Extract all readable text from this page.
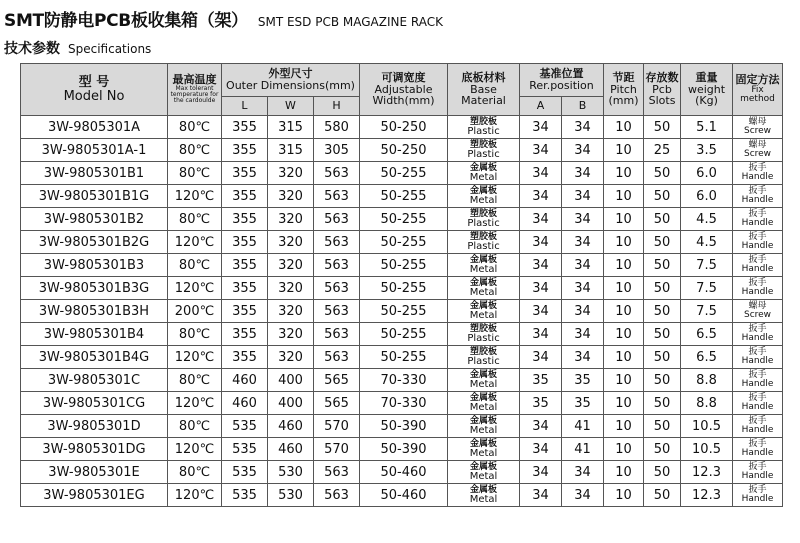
SMT防静电PCB板收集箱（架） SMT ESD PCB MAGAZINE RACK
技术参数 Specifications
型 号
Model No	最高温度
Max tolerant temperature for the cardoulde	外型尺寸
Outer Dimensions(mm)			可调宽度
Adjustable
Width(mm)	底板材料
Base
Material	基准位置
Rer.position		节距
Pitch
(mm)	存放数
Pcb
Slots	重量
weight
(Kg)	固定方法
Fix
method

		L	W	H			A	B				
3W-9805301A	80℃	355	315	580	50-250	塑胶板
Plastic	34	34	10	50	5.1	螺母
Screw

3W-9805301A-1	80℃	355	315	305	50-250	塑胶板
Plastic	34	34	10	25	3.5	螺母
Screw

3W-9805301B1	80℃	355	320	563	50-255	金属板
Metal	34	34	10	50	6.0	扳手
Handle

3W-9805301B1G	120℃	355	320	563	50-255	金属板
Metal	34	34	10	50	6.0	扳手
Handle

3W-9805301B2	80℃	355	320	563	50-255	塑胶板
Plastic	34	34	10	50	4.5	扳手
Handle

3W-9805301B2G	120℃	355	320	563	50-255	塑胶板
Plastic	34	34	10	50	4.5	扳手
Handle

3W-9805301B3	80℃	355	320	563	50-255	金属板
Metal	34	34	10	50	7.5	扳手
Handle

3W-9805301B3G	120℃	355	320	563	50-255	金属板
Metal	34	34	10	50	7.5	扳手
Handle

3W-9805301B3H	200℃	355	320	563	50-255	金属板
Metal	34	34	10	50	7.5	螺母
Screw

3W-9805301B4	80℃	355	320	563	50-255	塑胶板
Plastic	34	34	10	50	6.5	扳手
Handle

3W-9805301B4G	120℃	355	320	563	50-255	塑胶板
Plastic	34	34	10	50	6.5	扳手
Handle

3W-9805301C	80℃	460	400	565	70-330	金属板
Metal	35	35	10	50	8.8	扳手
Handle

3W-9805301CG	120℃	460	400	565	70-330	金属板
Metal	35	35	10	50	8.8	扳手
Handle

3W-9805301D	80℃	535	460	570	50-390	金属板
Metal	34	41	10	50	10.5	扳手
Handle

3W-9805301DG	120℃	535	460	570	50-390	金属板
Metal	34	41	10	50	10.5	扳手
Handle

3W-9805301E	80℃	535	530	563	50-460	金属板
Metal	34	34	10	50	12.3	扳手
Handle

3W-9805301EG	120℃	535	530	563	50-460	金属板
Metal	34	34	10	50	12.3	扳手
Handle
